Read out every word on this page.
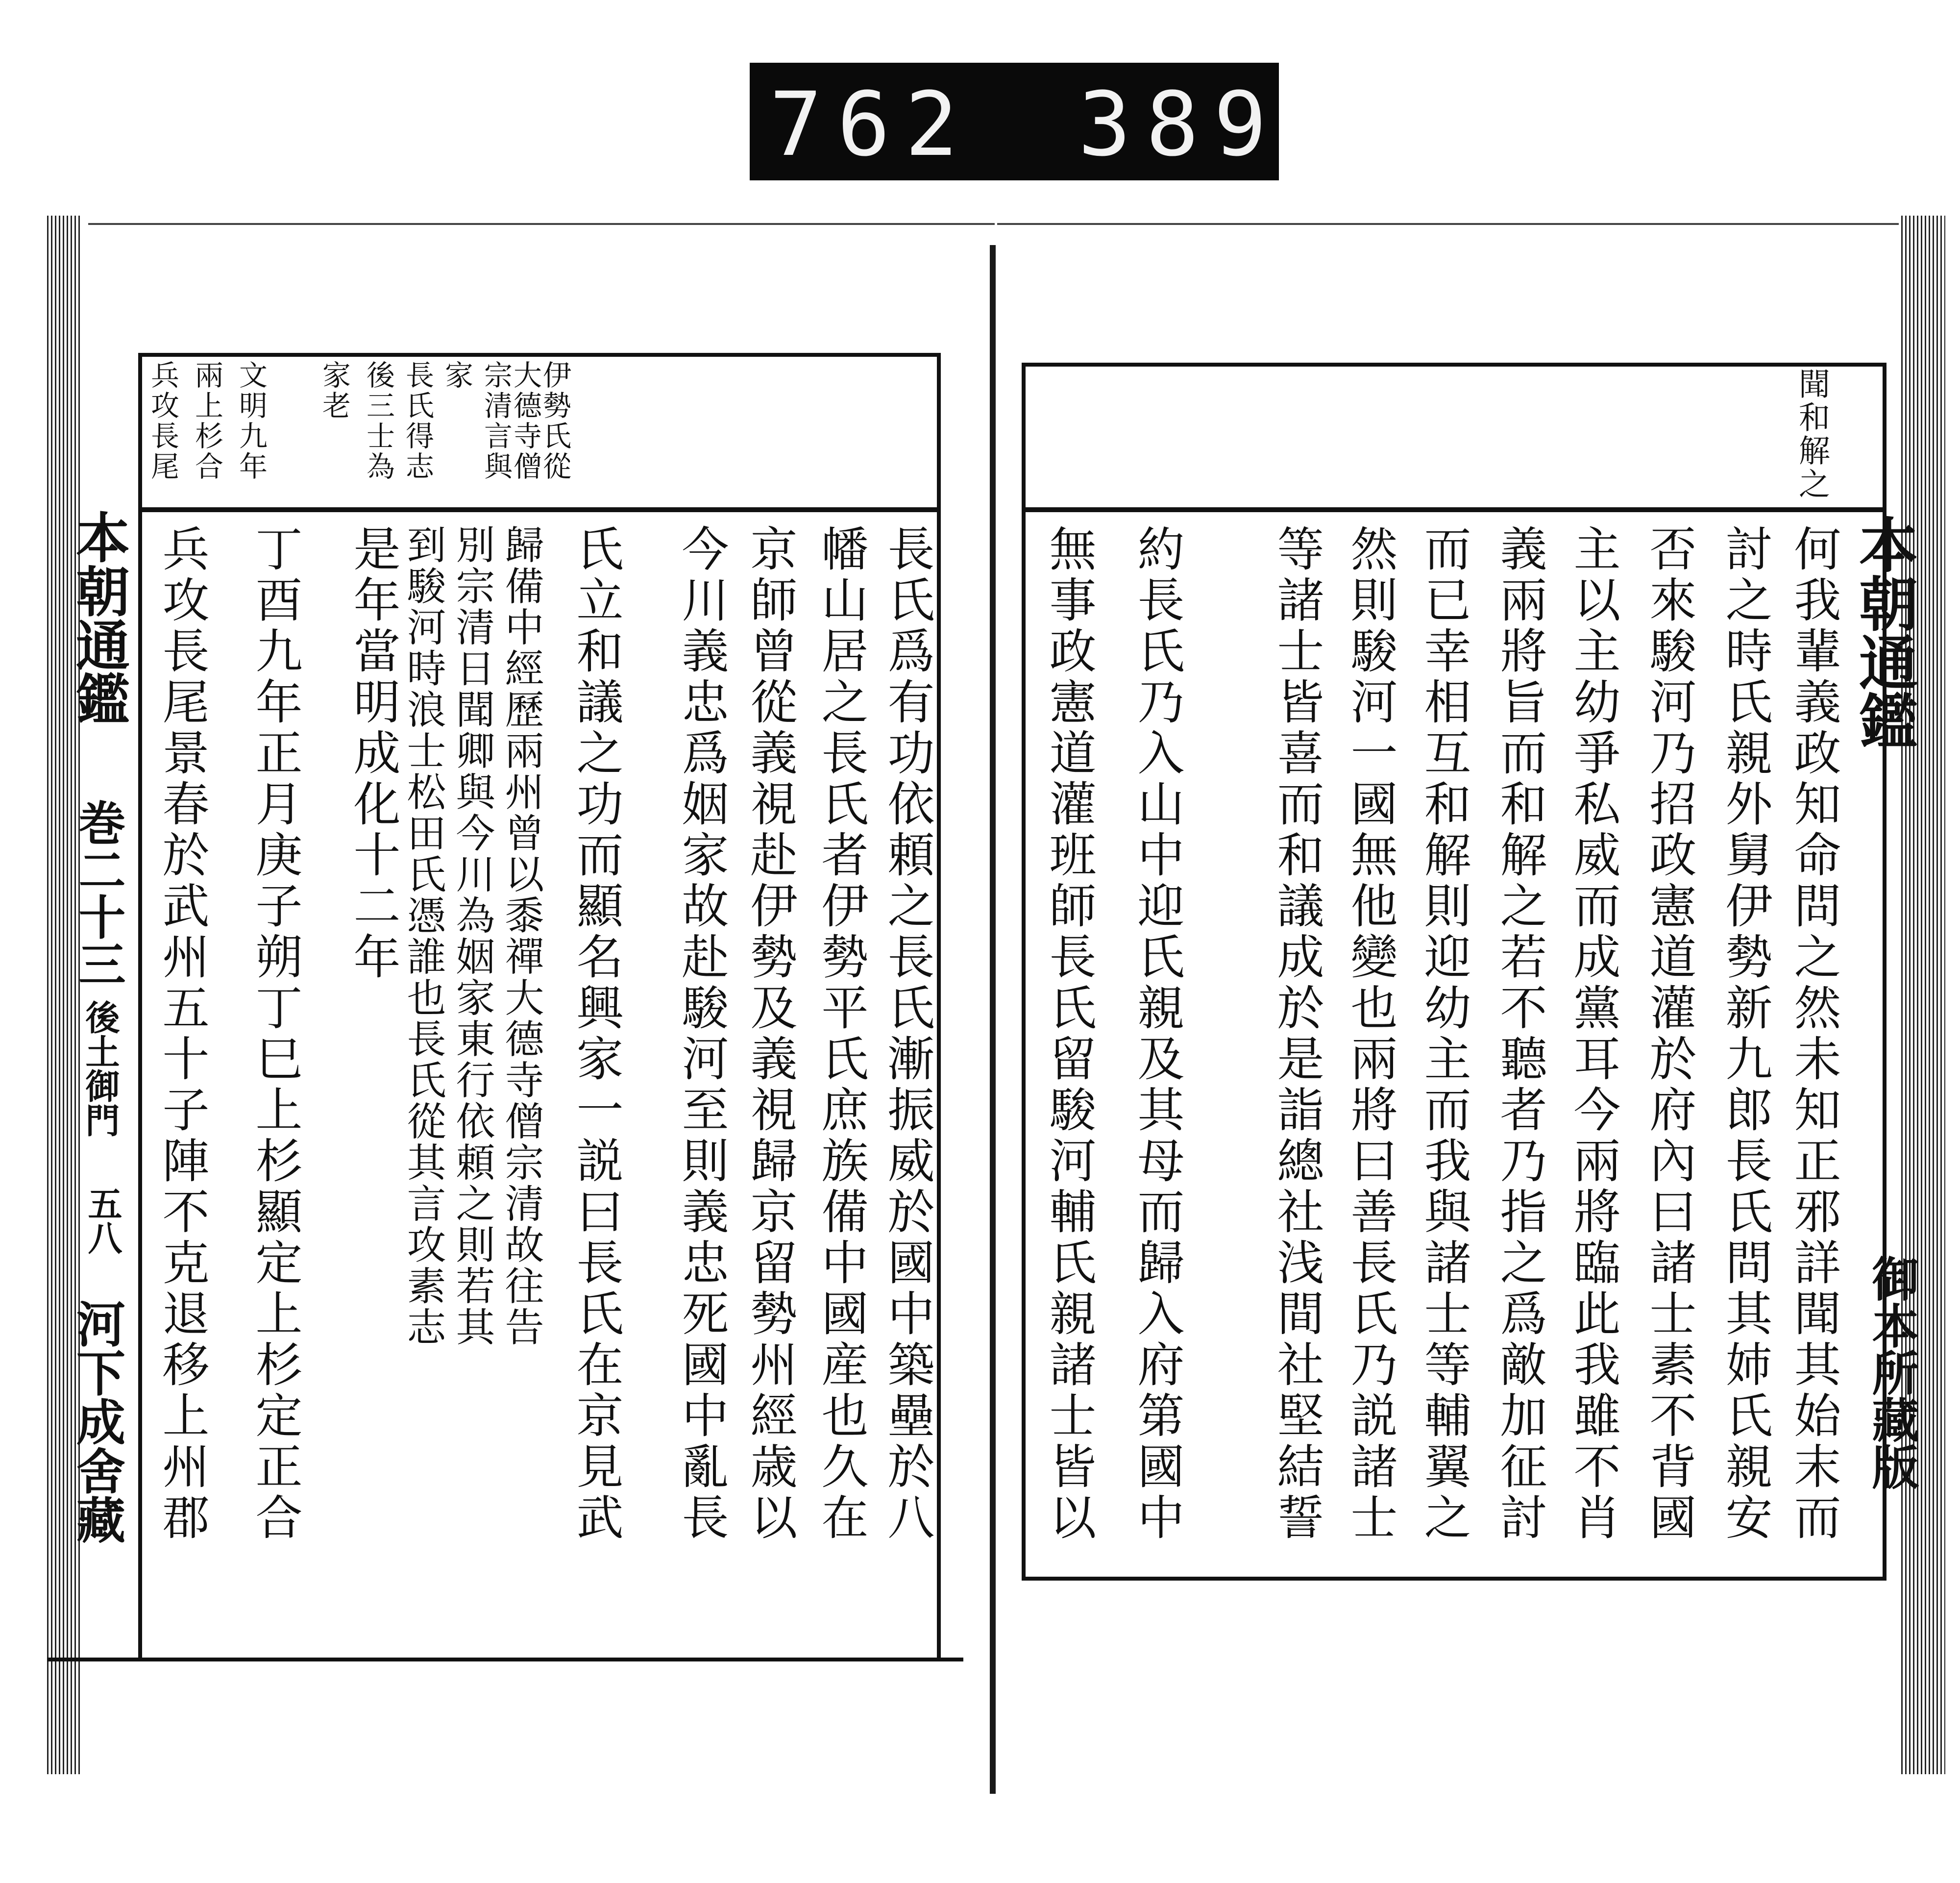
762 389
伊勢氏從
大德寺僧
宗清言與
家
長氏得志
後三士為
家老
文明九年
兩上杉合
兵攻長尾
長氏爲有功依頼之長氏漸振威於國中築壘於八
幡山居之長氏者伊勢平氏庶族備中國産也久在
京師曾從義視赴伊勢及義視歸京留勢州經歳以
今川義忠爲姻家故赴駿河至則義忠死國中亂長
氏立和議之功而顯名興家一説曰長氏在京見武
歸備中經歷兩州曾以黍禪大德寺僧宗清故往告
別宗清日聞卿與今川為姻家東行依頼之則若其
到駿河時浪士松田氏憑誰也長氏從其言攻素志
是年當明成化十二年
丁酉九年正月庚子朔丁巳上杉顯定上杉定正合
兵攻長尾景春於武州五十子陣不克退移上州郡
本朝通鑑
巻二十三
後土御門
五八
河下成舍藏
聞和解之
何我輩義政知命問之然未知正邪詳聞其始末而
討之時氏親外舅伊勢新九郎長氏問其姉氏親安
否來駿河乃招政憲道灌於府內曰諸士素不背國
主以主幼爭私威而成黨耳今兩將臨此我雖不肖
義兩將旨而和解之若不聽者乃指之爲敵加征討
而已幸相互和解則迎幼主而我與諸士等輔翼之
然則駿河一國無他變也兩將曰善長氏乃説諸士
等諸士皆喜而和議成於是詣總社浅間社堅結誓
約長氏乃入山中迎氏親及其母而歸入府第國中
無事政憲道灌班師長氏留駿河輔氏親諸士皆以	本朝通鑑
御本所藏版
